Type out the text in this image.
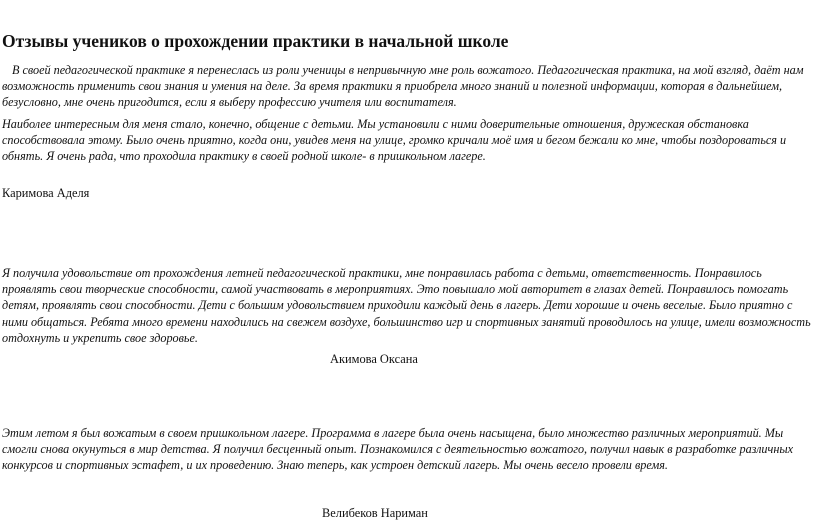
Отзывы учеников о прохождении практики в начальной школе

В своей педагогической практике я перенеслась из роли ученицы в непривычную мне роль вожатого. Педагогическая практика, на мой взгляд, даёт нам возможность применить свои знания и умения на деле. За время практики я приобрела много знаний и полезной информации, которая в дальнейшем, безусловно, мне очень пригодится, если я выберу профессию учителя или воспитателя.

Наиболее интересным для меня стало, конечно, общение с детьми. Мы установили с ними доверительные отношения, дружеская обстановка способствовала этому. Было очень приятно, когда они, увидев меня на улице, громко кричали моё имя и бегом бежали ко мне, чтобы поздороваться и обнять. Я очень рада, что проходила практику в своей родной школе- в пришкольном лагере.

Каримова Аделя

Я получила удовольствие от прохождения летней педагогической практики, мне понравилась работа с детьми, ответственность. Понравилось проявлять свои творческие способности, самой участвовать в мероприятиях. Это повышало мой авторитет в глазах детей. Понравилось помогать детям, проявлять свои способности. Дети с большим удовольствием приходили каждый день в лагерь. Дети хорошие и очень веселые. Было приятно с ними общаться. Ребята много времени находились на свежем воздухе, большинство игр и спортивных занятий проводилось на улице, имели возможность отдохнуть и укрепить свое здоровье.

Акимова Оксана

Этим летом я был вожатым в своем пришкольном лагере. Программа в лагере была очень насыщена, было множество различных мероприятий. Мы смогли снова окунуться в мир детства. Я получил бесценный опыт. Познакомился с деятельностью вожатого, получил навык в разработке различных конкурсов и спортивных эстафет, и их проведению. Знаю теперь, как устроен детский лагерь. Мы очень весело провели время.

Велибеков Нариман
